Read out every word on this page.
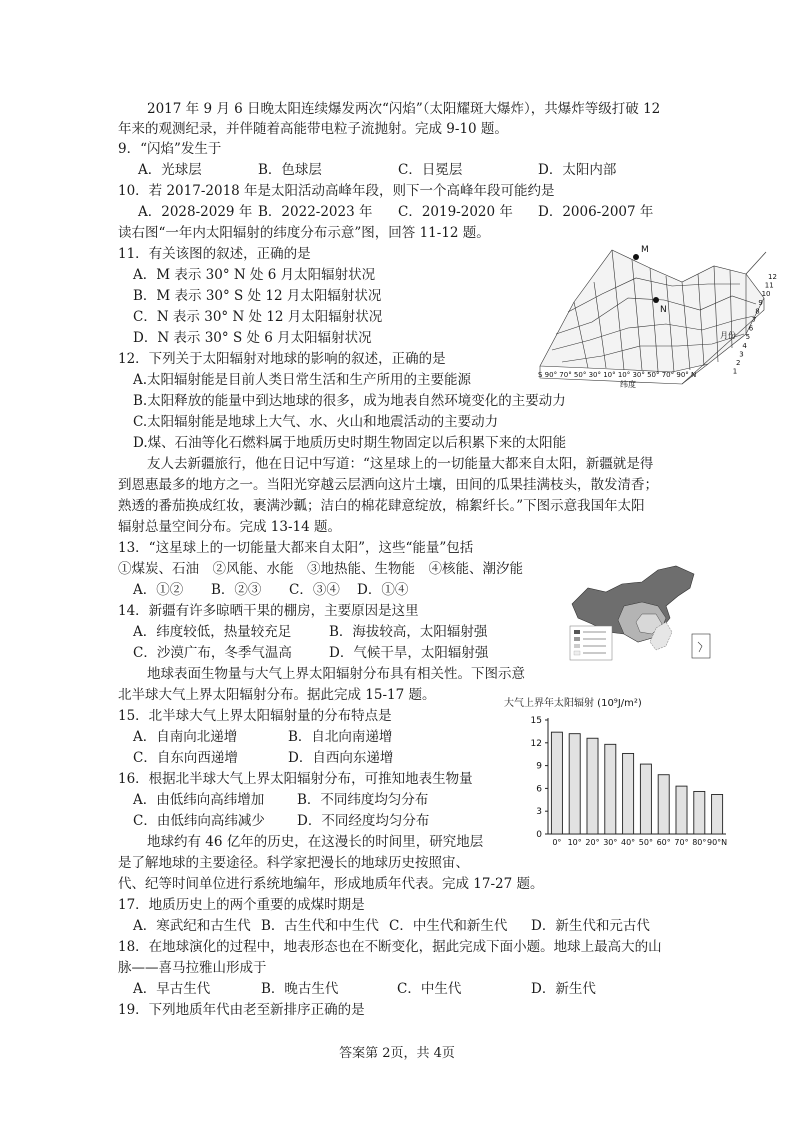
2017 年 9 月 6 日晚太阳连续爆发两次“闪焰”（太阳耀斑大爆炸），共爆炸等级打破 12
年来的观测纪录，并伴随着高能带电粒子流抛射。完成 9-10 题。
9．“闪焰”发生于
A．光球层	B．色球层	C．日冕层	D．太阳内部
10．若 2017-2018 年是太阳活动高峰年段，则下一个高峰年段可能约是
A．2028-2029 年 B．2022-2023 年 C．2019-2020 年 D．2006-2007 年
读右图“一年内太阳辐射的纬度分布示意”图，回答 11-12 题。
11．有关该图的叙述，正确的是
A．M 表示 30° N 处 6 月太阳辐射状况
B．M 表示 30° S 处 12 月太阳辐射状况
C．N 表示 30° N 处 12 月太阳辐射状况
D．N 表示 30° S 处 6 月太阳辐射状况
12．下列关于太阳辐射对地球的影响的叙述，正确的是
A.太阳辐射能是目前人类日常生活和生产所用的主要能源
B.太阳释放的能量中到达地球的很多，成为地表自然环境变化的主要动力
C.太阳辐射能是地球上大气、水、火山和地震活动的主要动力
D.煤、石油等化石燃料属于地质历史时期生物固定以后积累下来的太阳能
友人去新疆旅行，他在日记中写道：“这星球上的一切能量大都来自太阳，新疆就是得
到恩惠最多的地方之一。当阳光穿越云层洒向这片土壤，田间的瓜果挂满枝头，散发清香；
熟透的番茄换成红妆，裹满沙瓤；洁白的棉花肆意绽放，棉絮纤长。”下图示意我国年太阳
辐射总量空间分布。完成 13-14 题。
13．“这星球上的一切能量大都来自太阳”，这些“能量”包括
①煤炭、石油　②风能、水能　③地热能、生物能　④核能、潮汐能
A．①② B．②③ C．③④ D．①④
14．新疆有许多晾晒干果的棚房，主要原因是这里
A．纬度较低，热量较充足	B．海拔较高，太阳辐射强
C．沙漠广布，冬季气温高	D．气候干旱，太阳辐射强
地球表面生物量与大气上界太阳辐射分布具有相关性。下图示意
北半球大气上界太阳辐射分布。据此完成 15-17 题。
15．北半球大气上界太阳辐射量的分布特点是
A．自南向北递增	B．自北向南递增
C．自东向西递增	D．自西向东递增
16．根据北半球大气上界太阳辐射分布，可推知地表生物量
A．由低纬向高纬增加 B．不同纬度均匀分布
C．由低纬向高纬减少 D．不同经度均匀分布
地球约有 46 亿年的历史，在这漫长的时间里，研究地层
是了解地球的主要途径。科学家把漫长的地球历史按照宙、
代、纪等时间单位进行系统地编年，形成地质年代表。完成 17-27 题。
17．地质历史上的两个重要的成煤时期是
A．寒武纪和古生代 B．古生代和中生代 C．中生代和新生代 D．新生代和元古代
18．在地球演化的过程中，地表形态也在不断变化，据此完成下面小题。地球上最高大的山
脉——喜马拉雅山形成于
A．早古生代	B．晚古生代	C．中生代	D．新生代
19．下列地质年代由老至新排序正确的是
答案第 2页，共 4页
M
N
12
11
10
9
8
7
6
5
4
3
2
1
月份
S 90° 70° 50° 30° 10° 10° 30° 50° 70° 90° N
纬度
大气上界年太阳辐射 (10⁹J/m²)
0
3
6
9
12
15
0° 10° 20° 30° 40° 50° 60° 70° 80° 90°N
